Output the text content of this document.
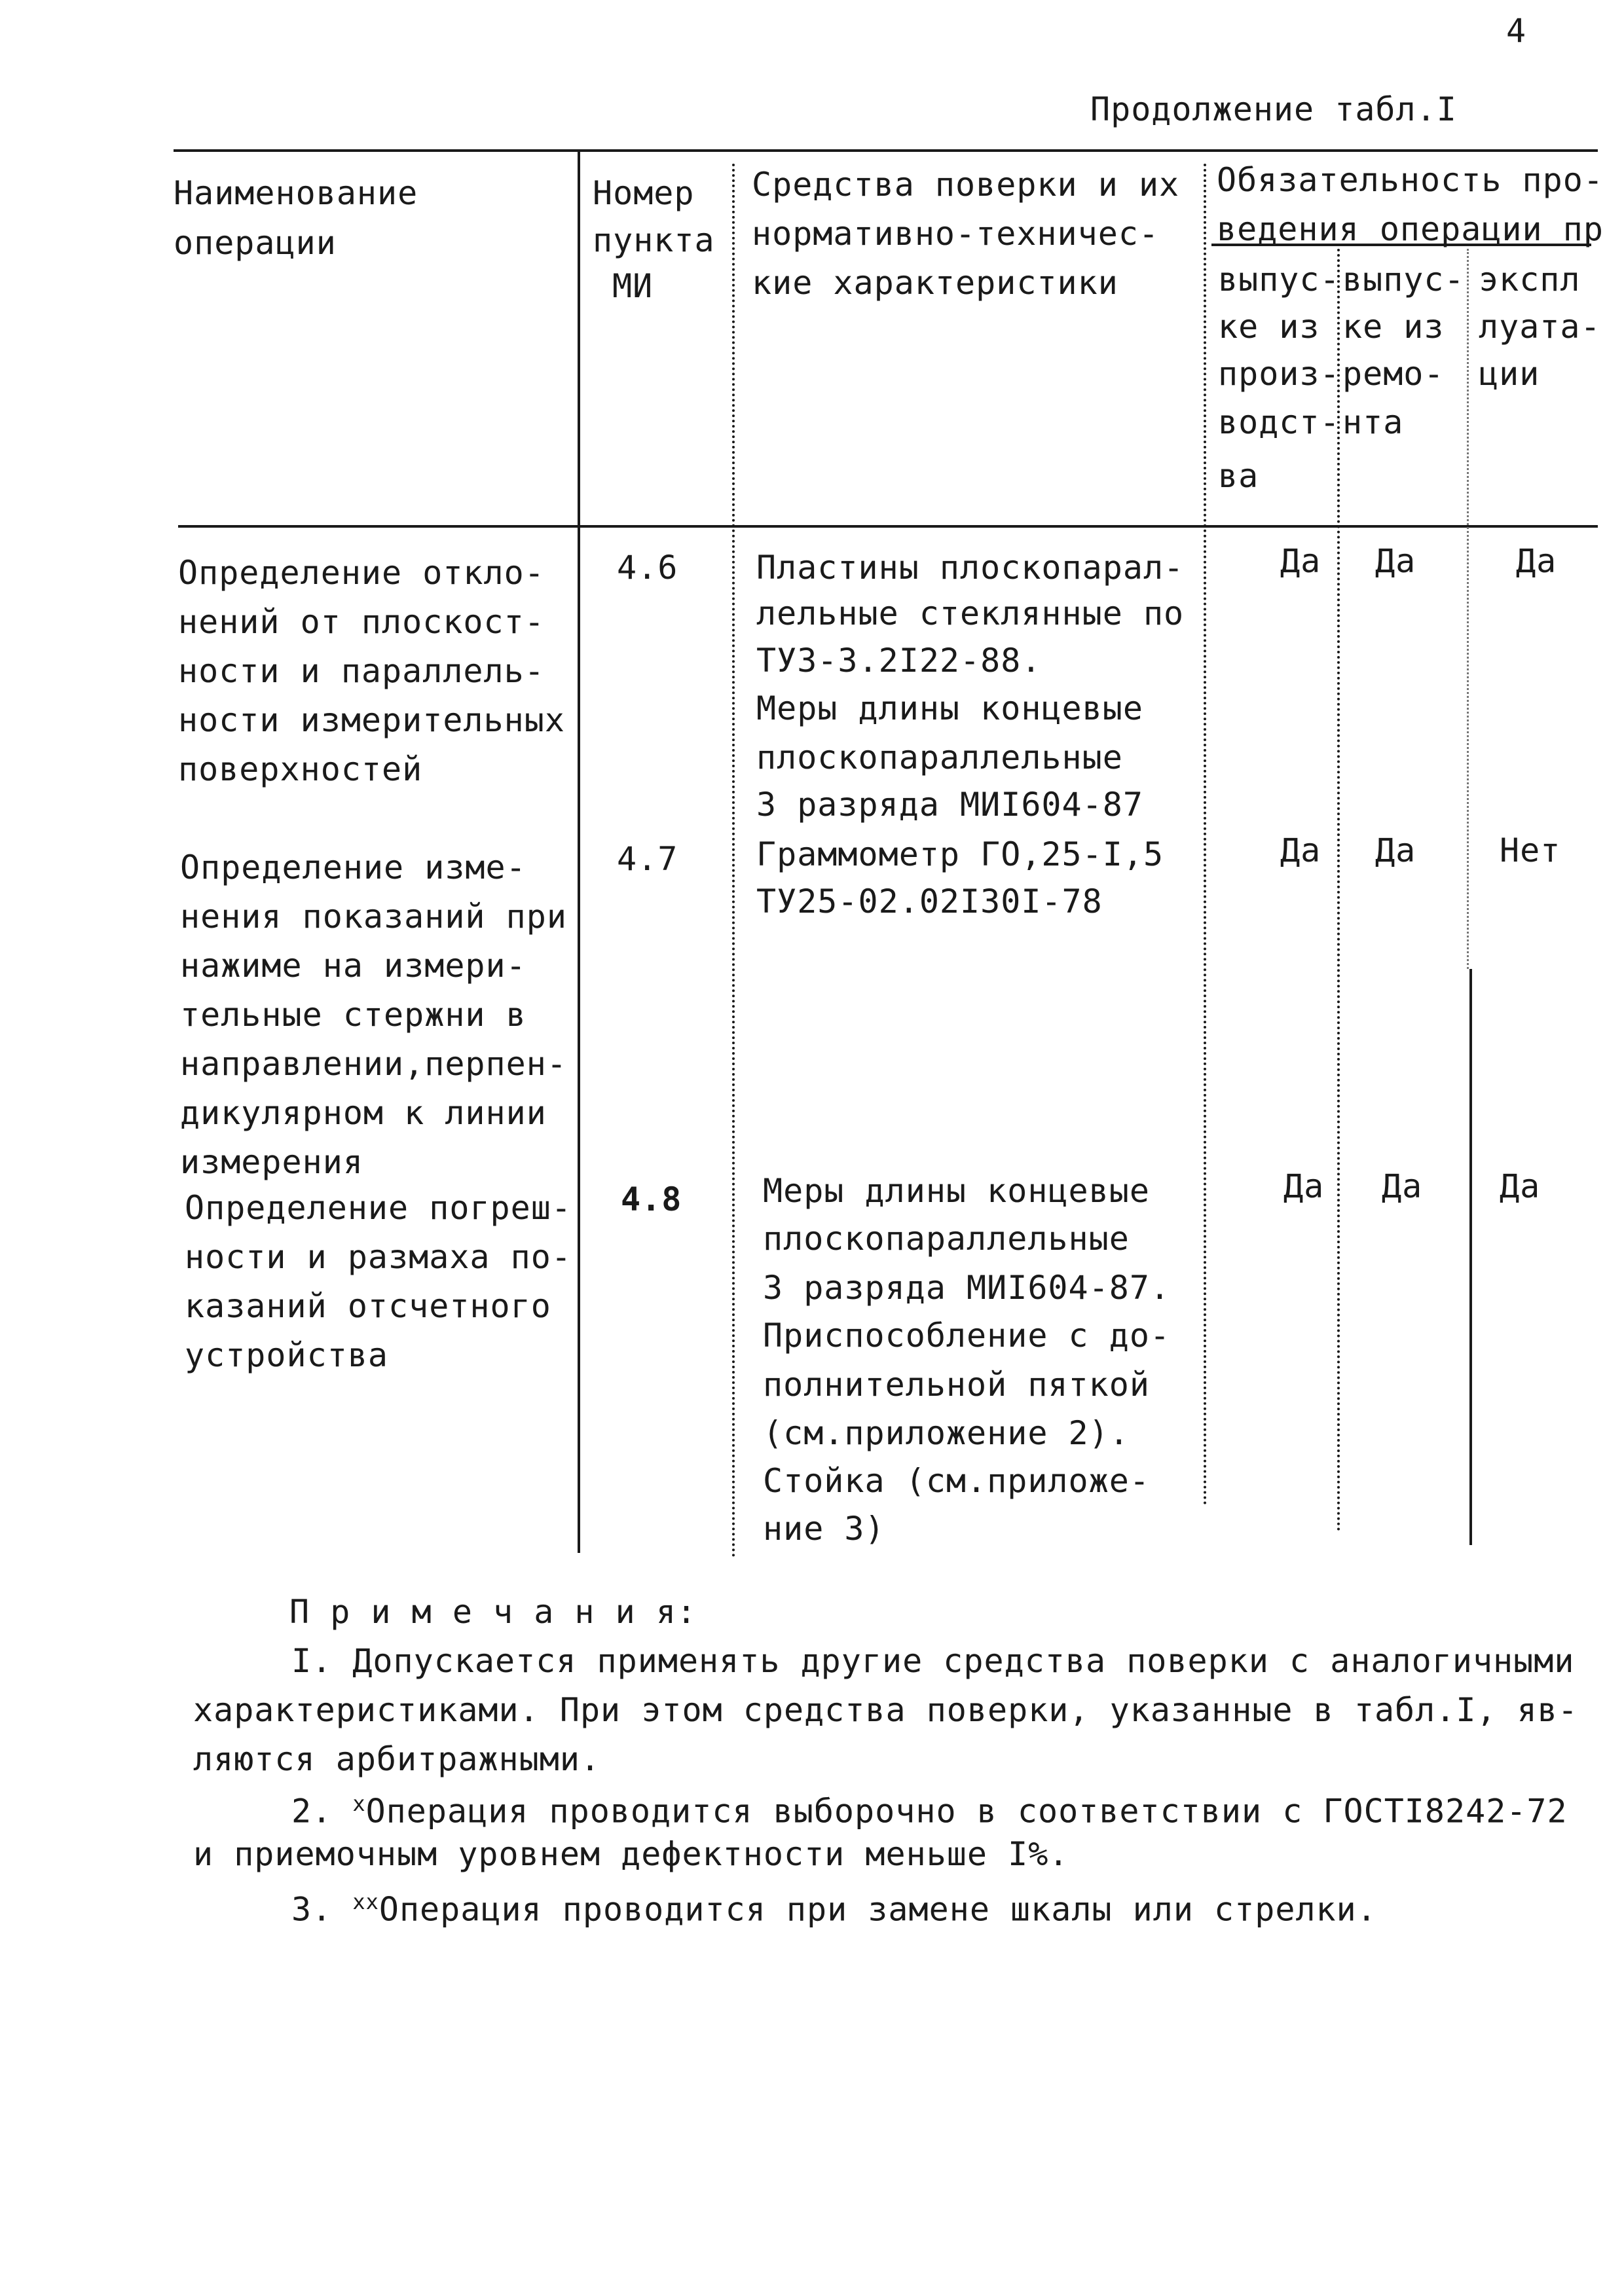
4
Продолжение табл.I
Наименование
операции
Номер
пункта
МИ
Средства поверки и их
нормативно-техничес-
кие характеристики
Обязательность про-
ведения операции пр
выпус-
ке из
произ-
водст-
ва
выпус-
ке из
ремо-
нта
экспл
луата-
ции
Определение откло-
нений от плоскост-
ности и параллель-
ности измерительных
поверхностей
4.6 Пластины плоскопарал-
лельные стеклянные по
ТУЗ-3.2I22-88.
Меры длины концевые
плоскопараллельные
3 разряда МИI604-87
Да Да	Да
Определение изме-
нения показаний при
нажиме на измери-
тельные стержни в
направлении,перпен-
дикулярном к линии
измерения
4.7 Граммометр ГО,25-I,5
ТУ25-02.02I30I-78
Да Да	Нет
Определение погреш-
ности и размаха по-
казаний отсчетного
устройства
4.8 Меры длины концевые
плоскопараллельные
3 разряда МИI604-87.
Приспособление с до-
полнительной пяткой
(см.приложение 2).
Стойка (см.приложе-
ние 3)
Да Да Да
П р и м е ч а н и я:
I. Допускается применять другие средства поверки с аналогичными
характеристиками. При этом средства поверки, указанные в табл.I, яв-
ляются арбитражными.
2. $^x$Операция проводится выборочно в соответствии с ГОСТI8242-72
и приемочным уровнем дефектности меньше I%.
3. $^{xx}$Операция проводится при замене шкалы или стрелки.
